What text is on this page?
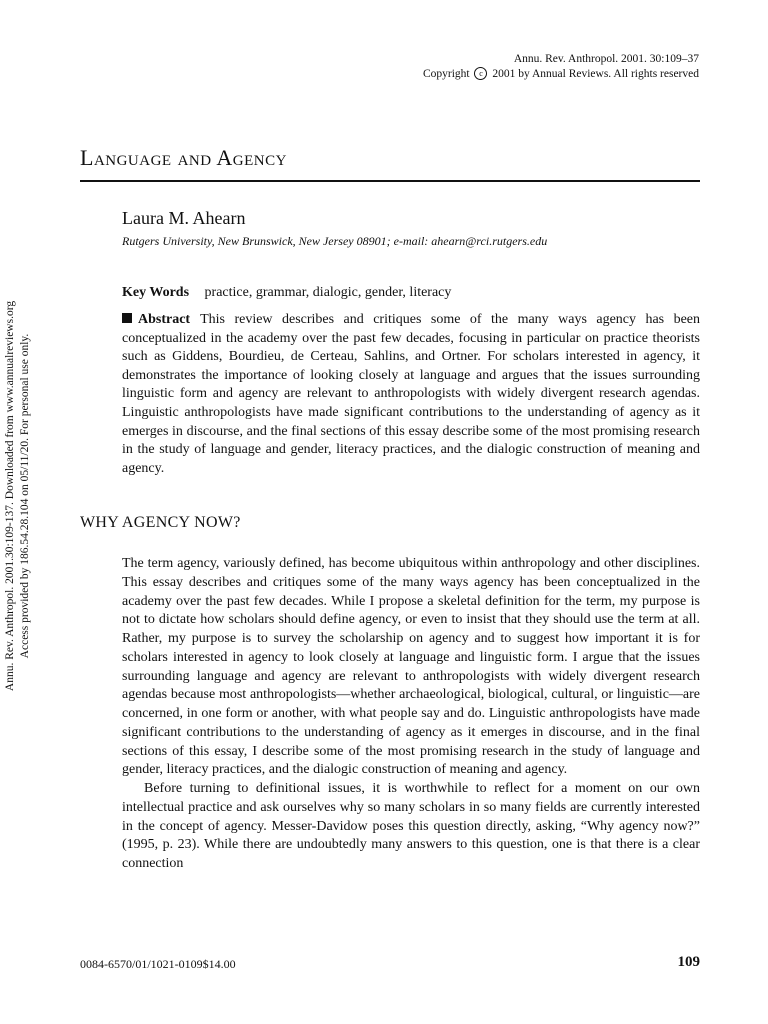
Annu. Rev. Anthropol. 2001. 30:109–37
Copyright c 2001 by Annual Reviews. All rights reserved
Language and Agency
Laura M. Ahearn
Rutgers University, New Brunswick, New Jersey 08901; e-mail: ahearn@rci.rutgers.edu
Key Words practice, grammar, dialogic, gender, literacy

Abstract This review describes and critiques some of the many ways agency has been conceptualized in the academy over the past few decades, focusing in particular on practice theorists such as Giddens, Bourdieu, de Certeau, Sahlins, and Ortner. For scholars interested in agency, it demonstrates the importance of looking closely at language and argues that the issues surrounding linguistic form and agency are relevant to anthropologists with widely divergent research agendas. Linguistic anthropologists have made significant contributions to the understanding of agency as it emerges in discourse, and the final sections of this essay describe some of the most promising research in the study of language and gender, literacy practices, and the dialogic construction of meaning and agency.

WHY AGENCY NOW?

The term agency, variously defined, has become ubiquitous within anthropology and other disciplines. This essay describes and critiques some of the many ways agency has been conceptualized in the academy over the past few decades. While I propose a skeletal definition for the term, my purpose is not to dictate how scholars should define agency, or even to insist that they should use the term at all. Rather, my purpose is to survey the scholarship on agency and to suggest how important it is for scholars interested in agency to look closely at language and linguistic form. I argue that the issues surrounding language and agency are relevant to anthropologists with widely divergent research agendas because most anthropologists—whether archaeological, biological, cultural, or linguistic—are concerned, in one form or another, with what people say and do. Linguistic anthropologists have made significant contributions to the understanding of agency as it emerges in discourse, and in the final sections of this essay, I describe some of the most promising research in the study of language and gender, literacy practices, and the dialogic construction of meaning and agency.

Before turning to definitional issues, it is worthwhile to reflect for a moment on our own intellectual practice and ask ourselves why so many scholars in so many fields are currently interested in the concept of agency. Messer-Davidow poses this question directly, asking, “Why agency now?” (1995, p. 23). While there are undoubtedly many answers to this question, one is that there is a clear connection

Annu. Rev. Anthropol. 2001.30:109-137. Downloaded from www.annualreviews.org Access provided by 186.54.28.104 on 05/11/20. For personal use only.
0084-6570/01/1021-0109$14.00	109
